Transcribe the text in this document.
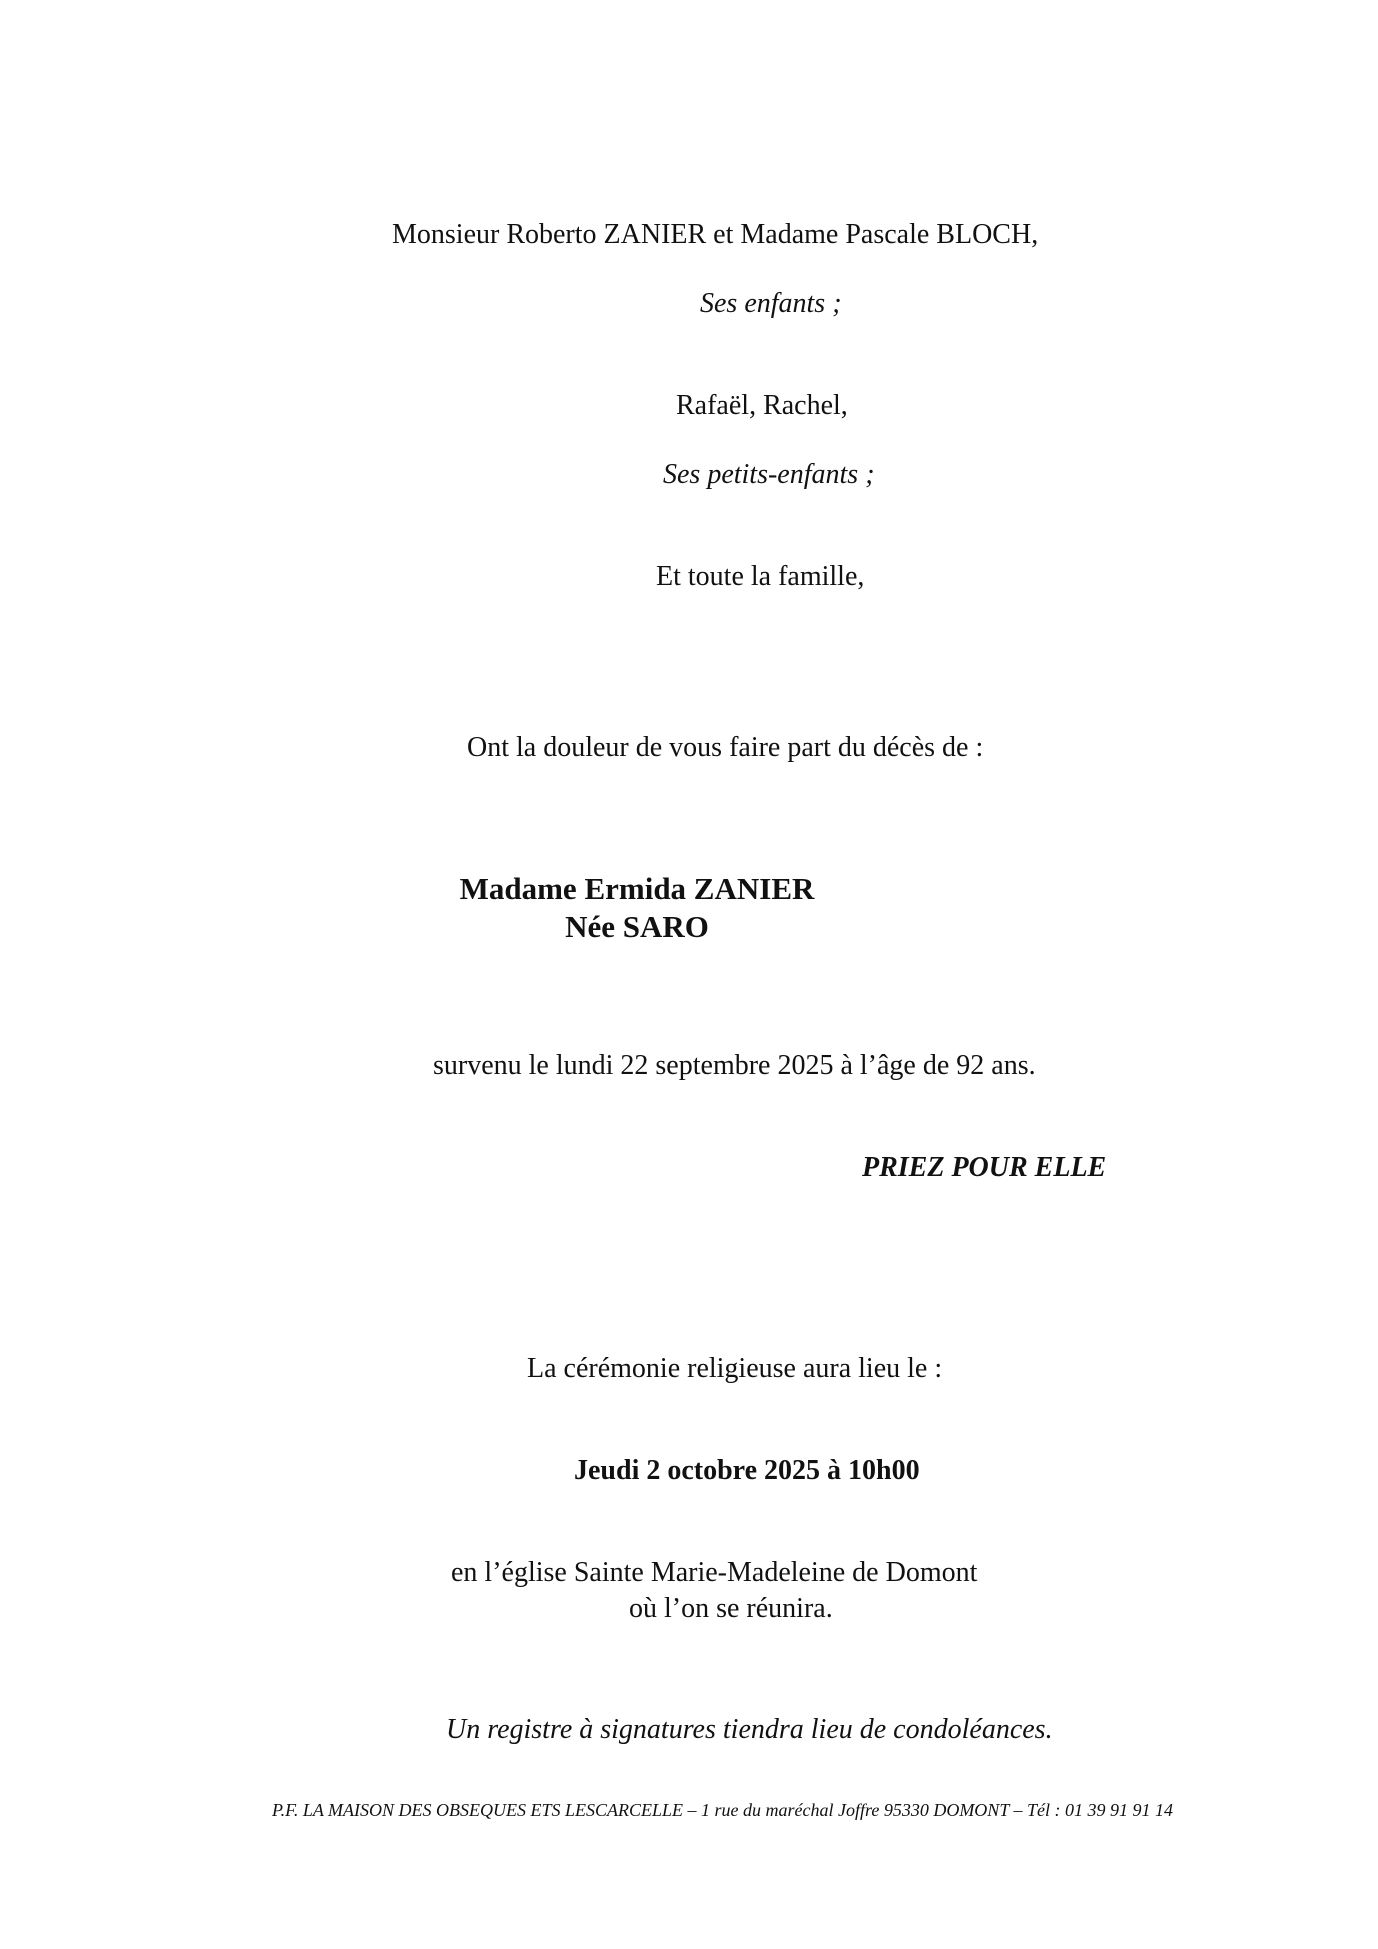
Monsieur Roberto ZANIER et Madame Pascale BLOCH,
Ses enfants ;
Rafaël, Rachel,
Ses petits-enfants ;
Et toute la famille,
Ont la douleur de vous faire part du décès de :
Madame Ermida ZANIER
Née SARO
survenu le lundi 22 septembre 2025 à l’âge de 92 ans.
PRIEZ POUR ELLE
La cérémonie religieuse aura lieu le :
Jeudi 2 octobre 2025 à 10h00
en l’église Sainte Marie-Madeleine de Domont
où l’on se réunira.
Un registre à signatures tiendra lieu de condoléances.
P.F. LA MAISON DES OBSEQUES ETS LESCARCELLE – 1 rue du maréchal Joffre 95330 DOMONT – Tél : 01 39 91 91 14
